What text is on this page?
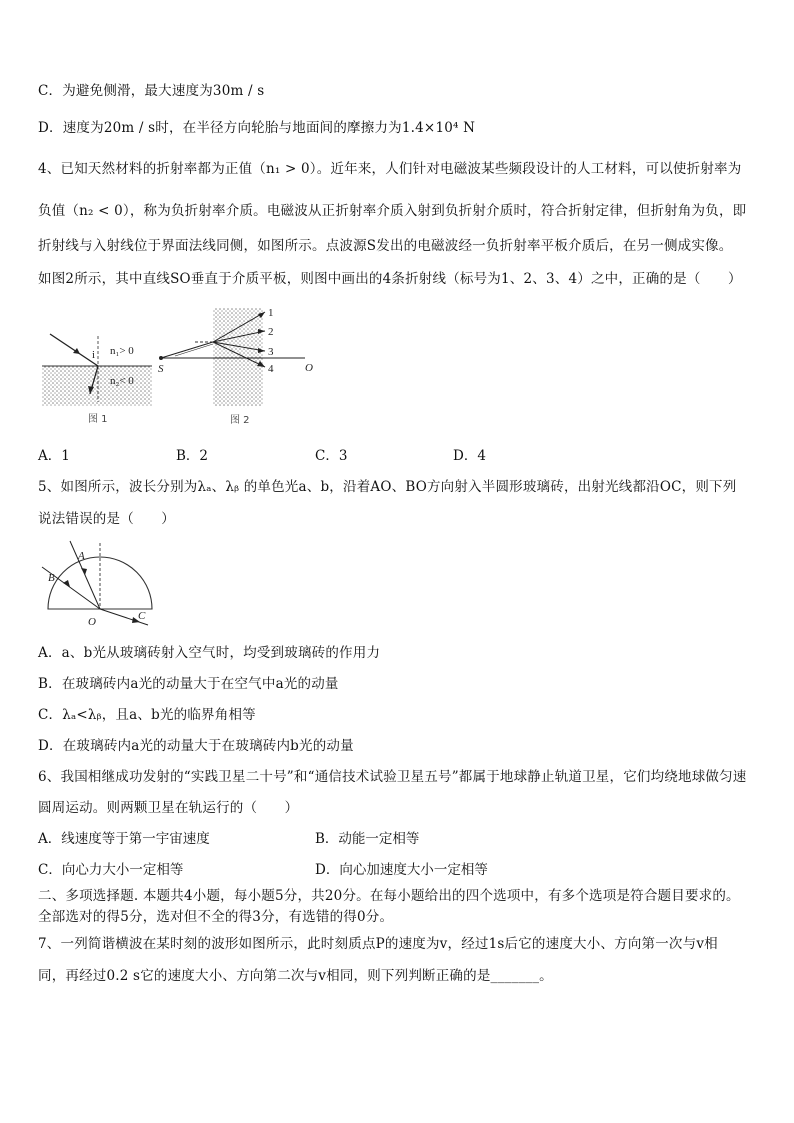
C．为避免侧滑，最大速度为30m / s
D．速度为20m / s时，在半径方向轮胎与地面间的摩擦力为1.4×10⁴ N
4、已知天然材料的折射率都为正值（n₁ > 0）。近年来，人们针对电磁波某些频段设计的人工材料，可以使折射率为
负值（n₂ < 0），称为负折射率介质。电磁波从正折射率介质入射到负折射介质时，符合折射定律，但折射角为负，即
折射线与入射线位于界面法线同侧，如图所示。点波源S发出的电磁波经一负折射率平板介质后，在另一侧成实像。
如图2所示，其中直线SO垂直于介质平板，则图中画出的4条折射线（标号为1、2、3、4）之中，正确的是（　　）
i n₁> 0
n₂< 0
图 1
1
2
3
4
S	O
图 2
A．1	B．2	C．3	D．4
5、如图所示，波长分别为λₐ、λᵦ 的单色光a、b，沿着AO、BO方向射入半圆形玻璃砖，出射光线都沿OC，则下列
说法错误的是（　　）
A
B
O	C
A．a、b光从玻璃砖射入空气时，均受到玻璃砖的作用力
B．在玻璃砖内a光的动量大于在空气中a光的动量
C．λₐ<λᵦ，且a、b光的临界角相等
D．在玻璃砖内a光的动量大于在玻璃砖内b光的动量
6、我国相继成功发射的“实践卫星二十号”和“通信技术试验卫星五号”都属于地球静止轨道卫星，它们均绕地球做匀速
圆周运动。则两颗卫星在轨运行的（　　）
A．线速度等于第一宇宙速度	B．动能一定相等
C．向心力大小一定相等	D．向心加速度大小一定相等
二、多项选择题. 本题共4小题，每小题5分，共20分。在每小题给出的四个选项中，有多个选项是符合题目要求的。
全部选对的得5分，选对但不全的得3分，有选错的得0分。
7、一列简谐横波在某时刻的波形如图所示，此时刻质点P的速度为v，经过1s后它的速度大小、方向第一次与v相
同，再经过0.2 s它的速度大小、方向第二次与v相同，则下列判断正确的是_______。
